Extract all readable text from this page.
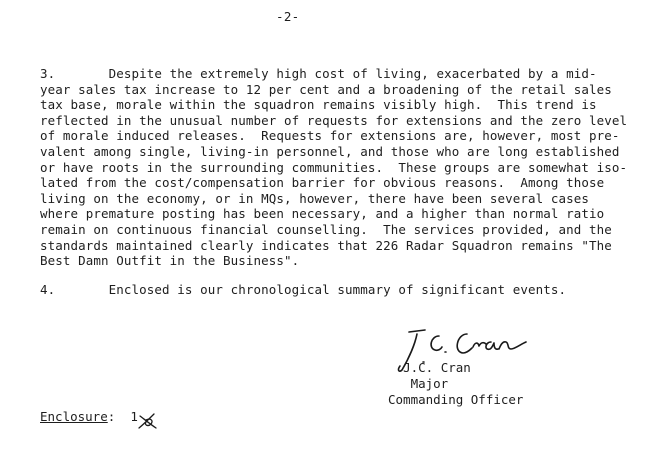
-2-
3.       Despite the extremely high cost of living, exacerbated by a mid-
year sales tax increase to 12 per cent and a broadening of the retail sales
tax base, morale within the squadron remains visibly high.  This trend is
reflected in the unusual number of requests for extensions and the zero level
of morale induced releases.  Requests for extensions are, however, most pre-
valent among single, living-in personnel, and those who are long established
or have roots in the surrounding communities.  These groups are somewhat iso-
lated from the cost/compensation barrier for obvious reasons.  Among those
living on the economy, or in MQs, however, there have been several cases
where premature posting has been necessary, and a higher than normal ratio
remain on continuous financial counselling.  The services provided, and the
standards maintained clearly indicates that 226 Radar Squadron remains "The
Best Damn Outfit in the Business".
4.       Enclosed is our chronological summary of significant events.
J.C. Cran
Major
Commanding Officer
Enclosure: 1
